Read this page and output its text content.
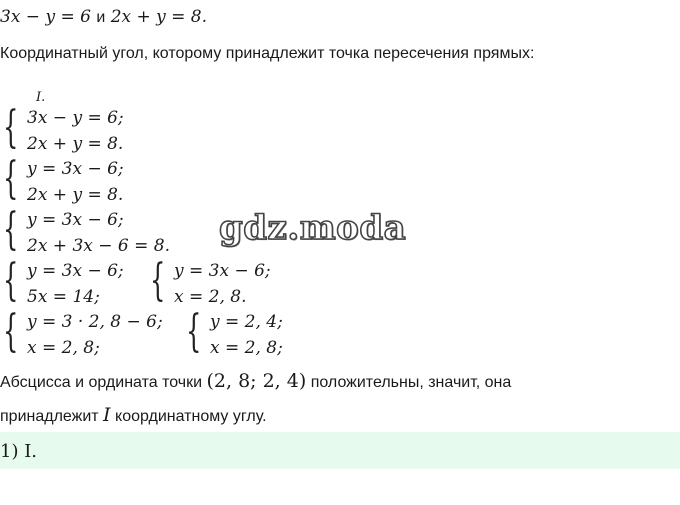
3x − y = 6 и 2x + y = 8.
Координатный угол, которому принадлежит точка пересечения прямых:
I.
{ 3x − y = 6;
2x + y = 8.
{ y = 3x − 6;
2x + y = 8.
{ y = 3x − 6;
2x + 3x − 6 = 8.
{ y = 3x − 6;
5x = 14; { y = 3x − 6;
x = 2, 8.
{ y = 3 · 2, 8 − 6;
x = 2, 8; { y = 2, 4;
x = 2, 8;
Абсцисса и ордината точки (2, 8; 2, 4) положительны, значит, она
принадлежит I координатному углу.
1) I.
gdz.moda
